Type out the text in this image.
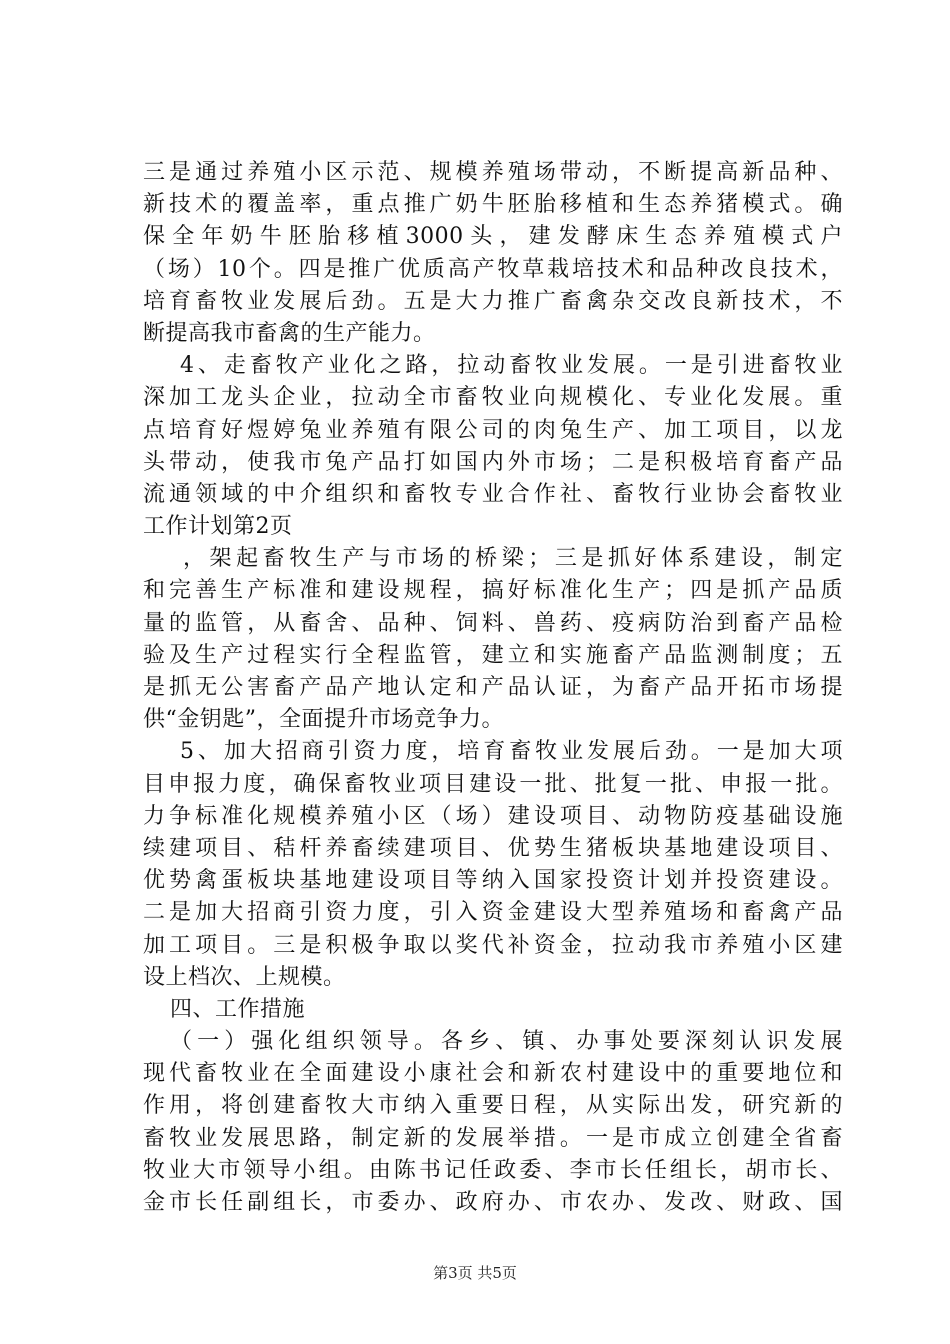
三是通过养殖小区示范、规模养殖场带动，不断提高新品种、
新技术的覆盖率，重点推广奶牛胚胎移植和生态养猪模式。确
保全年奶牛胚胎移植3000头，建发酵床生态养殖模式户
（场）10个。四是推广优质高产牧草栽培技术和品种改良技术，
培育畜牧业发展后劲。五是大力推广畜禽杂交改良新技术，不
断提高我市畜禽的生产能力。
4、走畜牧产业化之路，拉动畜牧业发展。一是引进畜牧业
深加工龙头企业，拉动全市畜牧业向规模化、专业化发展。重
点培育好煜婷兔业养殖有限公司的肉兔生产、加工项目，以龙
头带动，使我市兔产品打如国内外市场；二是积极培育畜产品
流通领域的中介组织和畜牧专业合作社、畜牧行业协会畜牧业
工作计划第2页
，架起畜牧生产与市场的桥梁；三是抓好体系建设，制定
和完善生产标准和建设规程，搞好标准化生产；四是抓产品质
量的监管，从畜舍、品种、饲料、兽药、疫病防治到畜产品检
验及生产过程实行全程监管，建立和实施畜产品监测制度；五
是抓无公害畜产品产地认定和产品认证，为畜产品开拓市场提
供“金钥匙”，全面提升市场竞争力。
5、加大招商引资力度，培育畜牧业发展后劲。一是加大项
目申报力度，确保畜牧业项目建设一批、批复一批、申报一批。
力争标准化规模养殖小区（场）建设项目、动物防疫基础设施
续建项目、秸杆养畜续建项目、优势生猪板块基地建设项目、
优势禽蛋板块基地建设项目等纳入国家投资计划并投资建设。
二是加大招商引资力度，引入资金建设大型养殖场和畜禽产品
加工项目。三是积极争取以奖代补资金，拉动我市养殖小区建
设上档次、上规模。
四、工作措施
（一）强化组织领导。各乡、镇、办事处要深刻认识发展
现代畜牧业在全面建设小康社会和新农村建设中的重要地位和
作用，将创建畜牧大市纳入重要日程，从实际出发，研究新的
畜牧业发展思路，制定新的发展举措。一是市成立创建全省畜
牧业大市领导小组。由陈书记任政委、李市长任组长，胡市长、
金市长任副组长，市委办、政府办、市农办、发改、财政、国
第3页 共5页
